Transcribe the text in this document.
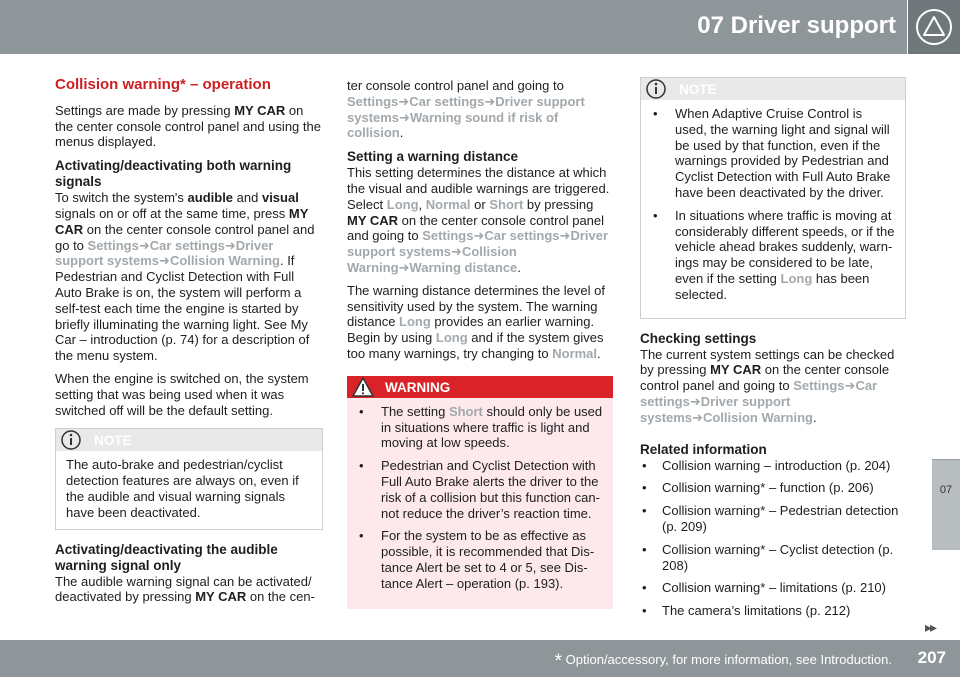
07 Driver support
Collision warning* – operation

Settings are made by pressing MY CAR on the center console control panel and using the menus displayed.

Activating/deactivating both warning signals

To switch the system's audible and visual signals on or off at the same time, press MY CAR on the center console control panel and go to Settings➜Car settings➜Driver support systems➜Collision Warning. If Pedestrian and Cyclist Detection with Full Auto Brake is on, the system will perform a self-test each time the engine is started by briefly illuminating the warning light. See My Car – introduction (p. 74) for a description of the menu system.

When the engine is switched on, the system setting that was being used when it was switched off will be the default setting.

NOTE
The auto-brake and pedestrian/cyclist detection features are always on, even if the audible and visual warning signals have been deactivated.
Activating/deactivating the audible warning signal only

The audible warning signal can be activated/ deactivated by pressing MY CAR on the cen-

ter console control panel and going to Settings➜Car settings➜Driver support systems➜Warning sound if risk of collision.

Setting a warning distance

This setting determines the distance at which the visual and audible warnings are triggered. Select Long, Normal or Short by pressing MY CAR on the center console control panel and going to Settings➜Car settings➜Driver support systems➜Collision Warning➜Warning distance.

The warning distance determines the level of sensitivity used by the system. The warning distance Long provides an earlier warning. Begin by using Long and if the system gives too many warnings, try changing to Normal.

WARNING
• The setting Short should only be used in situations where traffic is light and moving at low speeds.
• Pedestrian and Cyclist Detection with Full Auto Brake alerts the driver to the risk of a collision but this function can-not reduce the driver’s reaction time.
• For the system to be as effective as possible, it is recommended that Dis-tance Alert be set to 4 or 5, see Dis-tance Alert – operation (p. 193).
NOTE
• When Adaptive Cruise Control is used, the warning light and signal will be used by that function, even if the warnings provided by Pedestrian and Cyclist Detection with Full Auto Brake have been deactivated by the driver.
• In situations where traffic is moving at considerably different speeds, or if the vehicle ahead brakes suddenly, warn-ings may be considered to be late, even if the setting Long has been selected.
Checking settings

The current system settings can be checked by pressing MY CAR on the center console control panel and going to Settings➜Car settings➜Driver support systems➜Collision Warning.

Related information
• Collision warning – introduction (p. 204)
• Collision warning* – function (p. 206)
• Collision warning* – Pedestrian detection (p. 209)
• Collision warning* – Cyclist detection (p. 208)
• Collision warning* – limitations (p. 210)
• The camera’s limitations (p. 212)
07
▸▸
* Option/accessory, for more information, see Introduction. 207
